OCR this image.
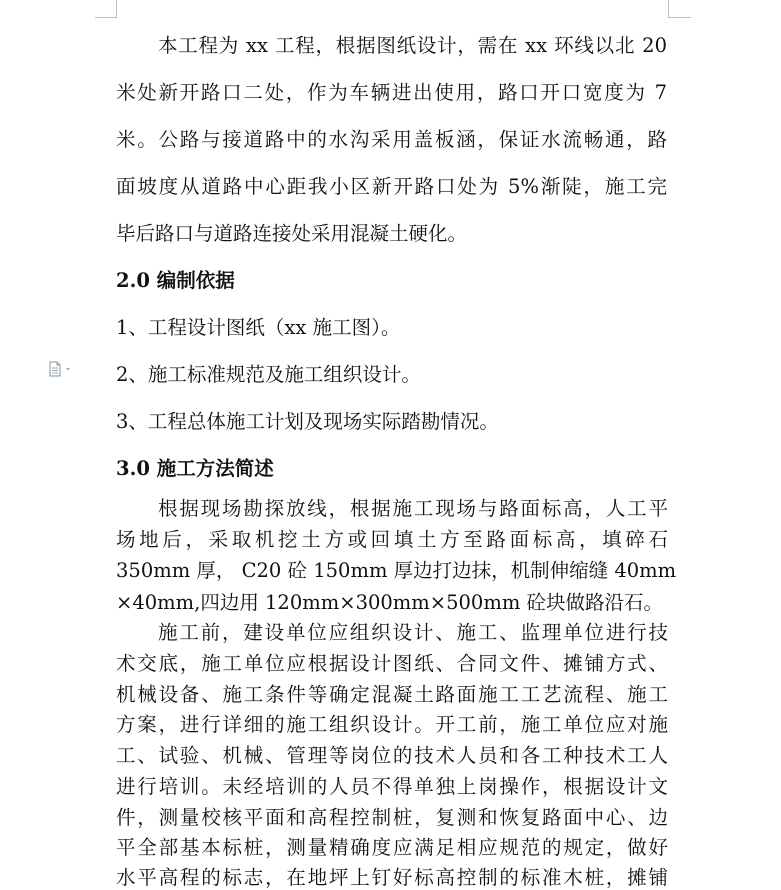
本工程为 xx 工程，根据图纸设计，需在 xx 环线以北 20
米处新开路口二处，作为车辆进出使用，路口开口宽度为 7
米。公路与接道路中的水沟采用盖板涵，保证水流畅通，路
面坡度从道路中心距我小区新开路口处为 5%渐陡，施工完
毕后路口与道路连接处采用混凝土硬化。
2.0 编制依据
1、工程设计图纸（xx 施工图）。
2、施工标准规范及施工组织设计。
3、工程总体施工计划及现场实际踏勘情况。
3.0 施工方法简述
根据现场勘探放线，根据施工现场与路面标高，人工平
场地后，采取机挖土方或回填土方至路面标高，填碎石
350mm 厚， C20 砼 150mm 厚边打边抹，机制伸缩缝 40mm
×40mm,四边用 120mm×300mm×500mm 砼块做路沿石。
施工前，建设单位应组织设计、施工、监理单位进行技
术交底，施工单位应根据设计图纸、合同文件、摊铺方式、
机械设备、施工条件等确定混凝土路面施工工艺流程、施工
方案，进行详细的施工组织设计。开工前，施工单位应对施
工、试验、机械、管理等岗位的技术人员和各工种技术工人
进行培训。未经培训的人员不得单独上岗操作，根据设计文
件，测量校核平面和高程控制桩，复测和恢复路面中心、边
平全部基本标桩，测量精确度应满足相应规范的规定，做好
水平高程的标志，在地坪上钉好标高控制的标准木桩，摊铺
